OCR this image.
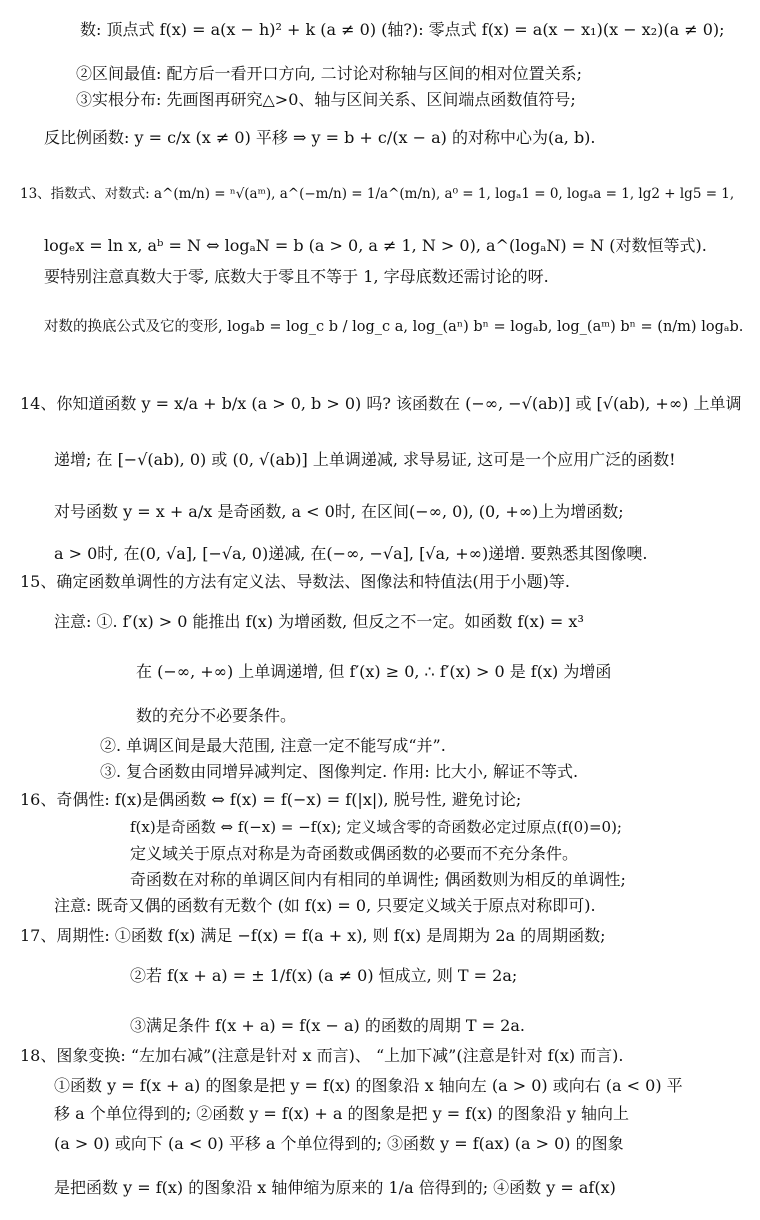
数: 顶点式 f(x) = a(x − h)² + k (a ≠ 0) (轴?): 零点式 f(x) = a(x − x₁)(x − x₂)(a ≠ 0);
②区间最值: 配方后一看开口方向, 二讨论对称轴与区间的相对位置关系;
③实根分布: 先画图再研究△>0、轴与区间关系、区间端点函数值符号;
反比例函数: y = c/x (x ≠ 0) 平移 ⇒ y = b + c/(x − a) 的对称中心为(a, b).
13、指数式、对数式: a^(m/n) = ⁿ√(aᵐ), a^(−m/n) = 1/a^(m/n), a⁰ = 1, logₐ1 = 0, logₐa = 1, lg2 + lg5 = 1,
logₑx = ln x, aᵇ = N ⇔ logₐN = b (a > 0, a ≠ 1, N > 0), a^(logₐN) = N (对数恒等式).
要特别注意真数大于零, 底数大于零且不等于 1, 字母底数还需讨论的呀.
对数的换底公式及它的变形, logₐb = log_c b / log_c a, log_(aⁿ) bⁿ = logₐb, log_(aᵐ) bⁿ = (n/m) logₐb.
14、你知道函数 y = x/a + b/x (a > 0, b > 0) 吗? 该函数在 (−∞, −√(ab)] 或 [√(ab), +∞) 上单调
递增; 在 [−√(ab), 0) 或 (0, √(ab)] 上单调递减, 求导易证, 这可是一个应用广泛的函数!
对号函数 y = x + a/x 是奇函数, a < 0时, 在区间(−∞, 0), (0, +∞)上为增函数;
a > 0时, 在(0, √a], [−√a, 0)递减, 在(−∞, −√a], [√a, +∞)递增. 要熟悉其图像噢.
15、确定函数单调性的方法有定义法、导数法、图像法和特值法(用于小题)等.
注意: ①. f′(x) > 0 能推出 f(x) 为增函数, 但反之不一定。如函数 f(x) = x³
在 (−∞, +∞) 上单调递增, 但 f′(x) ≥ 0, ∴ f′(x) > 0 是 f(x) 为增函
数的充分不必要条件。
②. 单调区间是最大范围, 注意一定不能写成“并”.
③. 复合函数由同增异减判定、图像判定. 作用: 比大小, 解证不等式.
16、奇偶性: f(x)是偶函数 ⇔ f(x) = f(−x) = f(|x|), 脱号性, 避免讨论;
f(x)是奇函数 ⇔ f(−x) = −f(x); 定义域含零的奇函数必定过原点(f(0)=0);
定义域关于原点对称是为奇函数或偶函数的必要而不充分条件。
奇函数在对称的单调区间内有相同的单调性; 偶函数则为相反的单调性;
注意: 既奇又偶的函数有无数个 (如 f(x) = 0, 只要定义域关于原点对称即可).
17、周期性: ①函数 f(x) 满足 −f(x) = f(a + x), 则 f(x) 是周期为 2a 的周期函数;
②若 f(x + a) = ± 1/f(x) (a ≠ 0) 恒成立, 则 T = 2a;
③满足条件 f(x + a) = f(x − a) 的函数的周期 T = 2a.
18、图象变换: “左加右减”(注意是针对 x 而言)、 “上加下减”(注意是针对 f(x) 而言).
①函数 y = f(x + a) 的图象是把 y = f(x) 的图象沿 x 轴向左 (a > 0) 或向右 (a < 0) 平
移 a 个单位得到的; ②函数 y = f(x) + a 的图象是把 y = f(x) 的图象沿 y 轴向上
(a > 0) 或向下 (a < 0) 平移 a 个单位得到的; ③函数 y = f(ax) (a > 0) 的图象
是把函数 y = f(x) 的图象沿 x 轴伸缩为原来的 1/a 倍得到的; ④函数 y = af(x)
